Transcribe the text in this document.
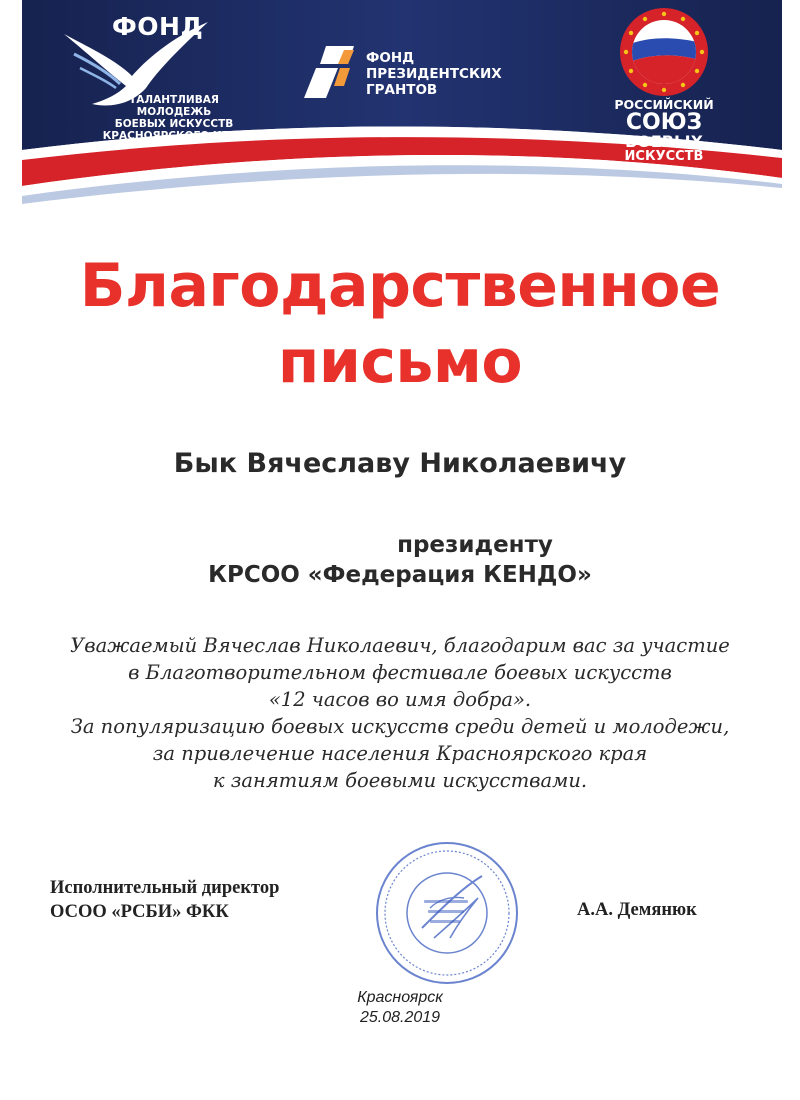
ФОНД
ТАЛАНТЛИВАЯ
МОЛОДЕЖЬ
БОЕВЫХ ИСКУССТВ
КРАСНОЯРСКОГО КРАЯ
ФОНД
ПРЕЗИДЕНТСКИХ
ГРАНТОВ
РОССИЙСКИЙ
СОЮЗ
БОЕВЫХ
ИСКУССТВ
Благодарственное
письмо
Бык Вячеславу Николаевичу
президенту
КРСОО «Федерация КЕНДО»
Уважаемый Вячеслав Николаевич, благодарим вас за участие
в Благотворительном фестивале боевых искусств
«12 часов во имя добра».
За популяризацию боевых искусств среди детей и молодежи,
за привлечение населения Красноярского края
к занятиям боевыми искусствами.
Исполнительный директор
ОСОО «РСБИ» ФКК	А.А. Демянюк
Красноярск
25.08.2019
